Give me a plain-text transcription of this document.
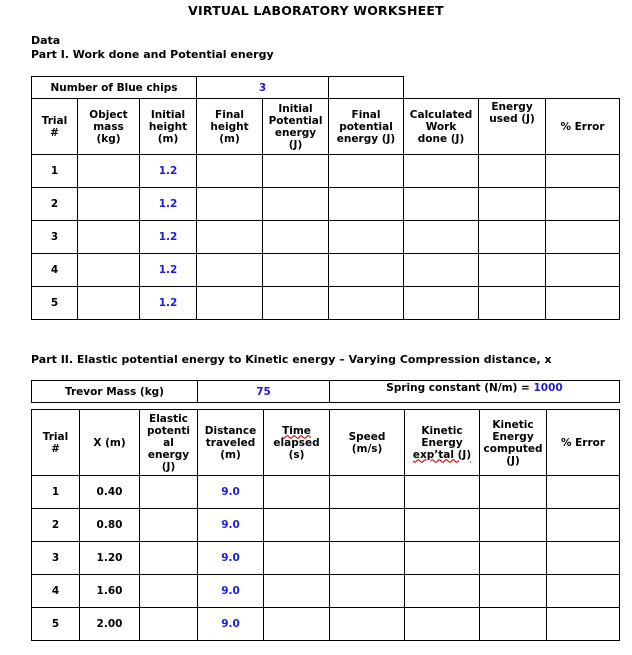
VIRTUAL LABORATORY WORKSHEET
Data
Part I. Work done and Potential energy
Number of Blue chips			3					
Trial
#	Object
mass
(kg)	Initial
height
(m)	Final
height
(m)	Initial
Potential
energy
(J)	Final
potential
energy (J)	Calculated
Work
done (J)	Energy
used (J)	% Error
1		1.2						
2		1.2						
3		1.2						
4		1.2						
5		1.2						
Part II. Elastic potential energy to Kinetic energy – Varying Compression distance, x
Trevor Mass (kg)			75		Spring constant (N/m) = 1000			

Trial
#	X (m)	Elastic
potenti
al
energy
(J)	Distance
traveled
(m)	Time
elapsed
(s)	Speed
(m/s)	Kinetic
Energy
exp’tal (J)	Kinetic
Energy
computed
(J)	% Error
1	0.40		9.0					
2	0.80		9.0					
3	1.20		9.0					
4	1.60		9.0					
5	2.00		9.0					
